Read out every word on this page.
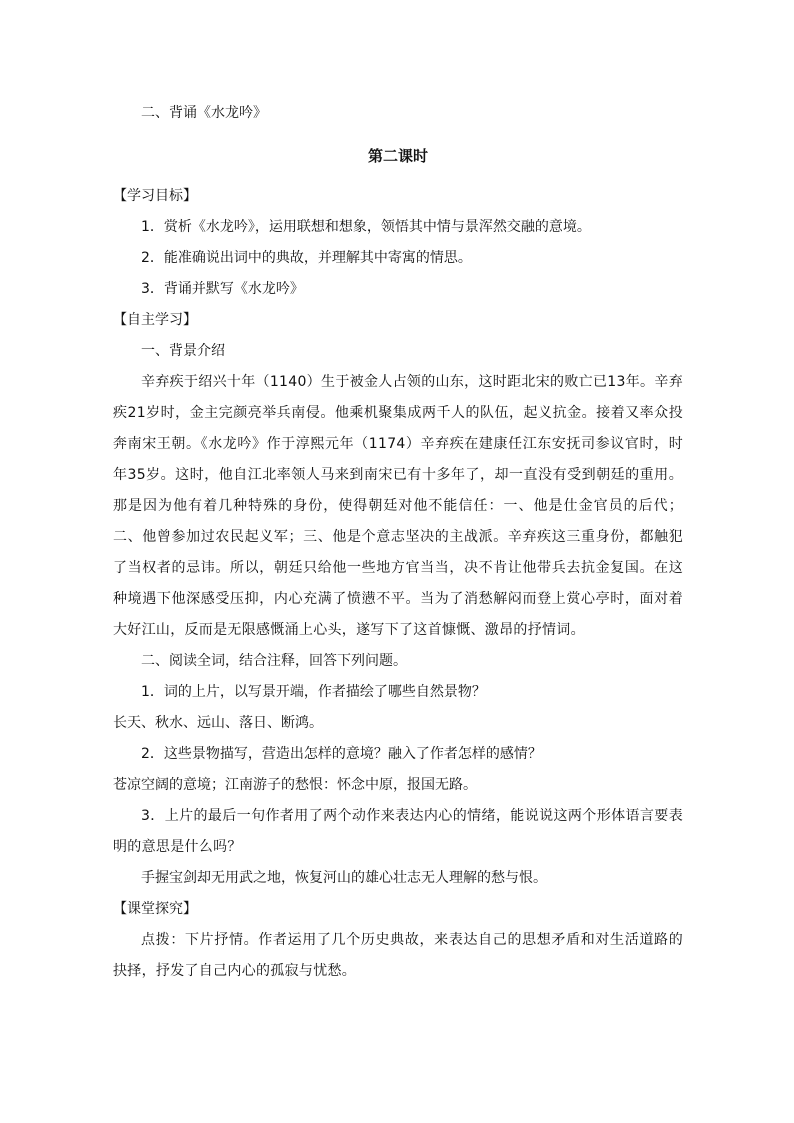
二、背诵《水龙吟》
第二课时
【学习目标】
1．赏析《水龙吟》，运用联想和想象，领悟其中情与景浑然交融的意境。
2．能准确说出词中的典故，并理解其中寄寓的情思。
3．背诵并默写《水龙吟》
【自主学习】
一、背景介绍
辛弃疾于绍兴十年（1140）生于被金人占领的山东，这时距北宋的败亡已13年。辛弃疾21岁时，金主完颜亮举兵南侵。他乘机聚集成两千人的队伍，起义抗金。接着又率众投奔南宋王朝。《水龙吟》作于淳熙元年（1174）辛弃疾在建康任江东安抚司参议官时，时年35岁。这时，他自江北率领人马来到南宋已有十多年了，却一直没有受到朝廷的重用。那是因为他有着几种特殊的身份，使得朝廷对他不能信任：一、他是仕金官员的后代；二、他曾参加过农民起义军；三、他是个意志坚决的主战派。辛弃疾这三重身份，都触犯了当权者的忌讳。所以，朝廷只给他一些地方官当当，决不肯让他带兵去抗金复国。在这种境遇下他深感受压抑，内心充满了愤懑不平。当为了消愁解闷而登上赏心亭时，面对着大好江山，反而是无限感慨涌上心头，遂写下了这首慷慨、激昂的抒情词。
二、阅读全词，结合注释，回答下列问题。
1．词的上片，以写景开端，作者描绘了哪些自然景物？
长天、秋水、远山、落日、断鸿。
2．这些景物描写，营造出怎样的意境？融入了作者怎样的感情？
苍凉空阔的意境；江南游子的愁恨：怀念中原，报国无路。
3．上片的最后一句作者用了两个动作来表达内心的情绪，能说说这两个形体语言要表明的意思是什么吗？
手握宝剑却无用武之地，恢复河山的雄心壮志无人理解的愁与恨。
【课堂探究】
点拨：下片抒情。作者运用了几个历史典故，来表达自己的思想矛盾和对生活道路的抉择，抒发了自己内心的孤寂与忧愁。
